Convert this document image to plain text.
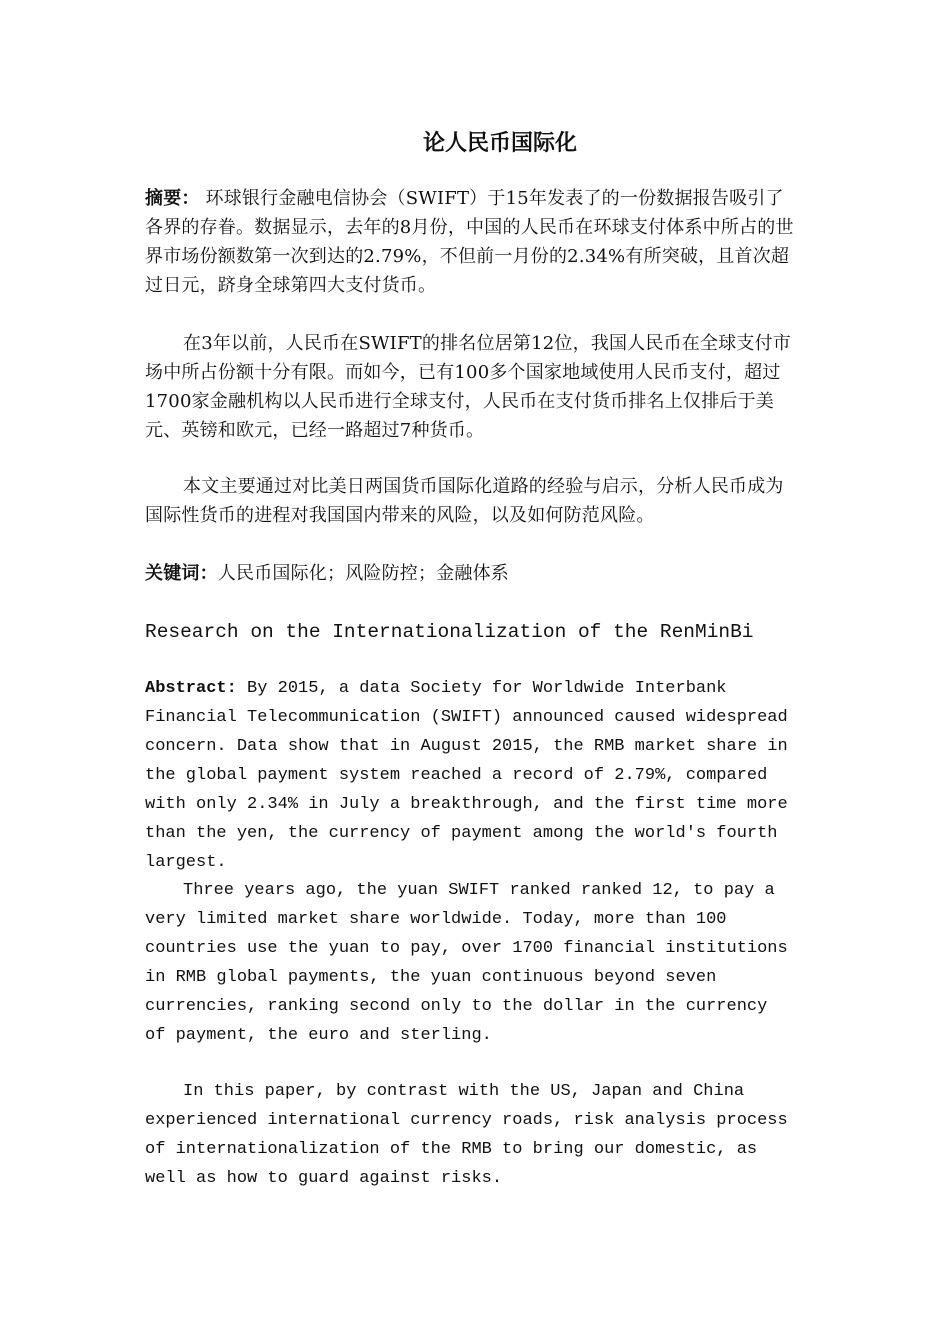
论人民币国际化

摘要： 环球银行金融电信协会（SWIFT）于15年发表了的一份数据报告吸引了各界的存眷。数据显示，去年的8月份，中国的人民币在环球支付体系中所占的世界市场份额数第一次到达的2.79%，不但前一月份的2.34%有所突破，且首次超过日元，跻身全球第四大支付货币。

在3年以前，人民币在SWIFT的排名位居第12位，我国人民币在全球支付市场中所占份额十分有限。而如今，已有100多个国家地域使用人民币支付，超过1700家金融机构以人民币进行全球支付，人民币在支付货币排名上仅排后于美元、英镑和欧元，已经一路超过7种货币。

本文主要通过对比美日两国货币国际化道路的经验与启示，分析人民币成为国际性货币的进程对我国国内带来的风险，以及如何防范风险。

关键词：人民币国际化；风险防控；金融体系

Research on the Internationalization of the RenMinBi

Abstract: By 2015, a data Society for Worldwide Interbank Financial Telecommunication (SWIFT) announced caused widespread concern. Data show that in August 2015, the RMB market share in the global payment system reached a record of 2.79%, compared with only 2.34% in July a breakthrough, and the first time more than the yen, the currency of payment among the world's fourth largest.

Three years ago, the yuan SWIFT ranked ranked 12, to pay a very limited market share worldwide. Today, more than 100 countries use the yuan to pay, over 1700 financial institutions in RMB global payments, the yuan continuous beyond seven currencies, ranking second only to the dollar in the currency of payment, the euro and sterling.

In this paper, by contrast with the US, Japan and China experienced international currency roads, risk analysis process of internationalization of the RMB to bring our domestic, as well as how to guard against risks.
